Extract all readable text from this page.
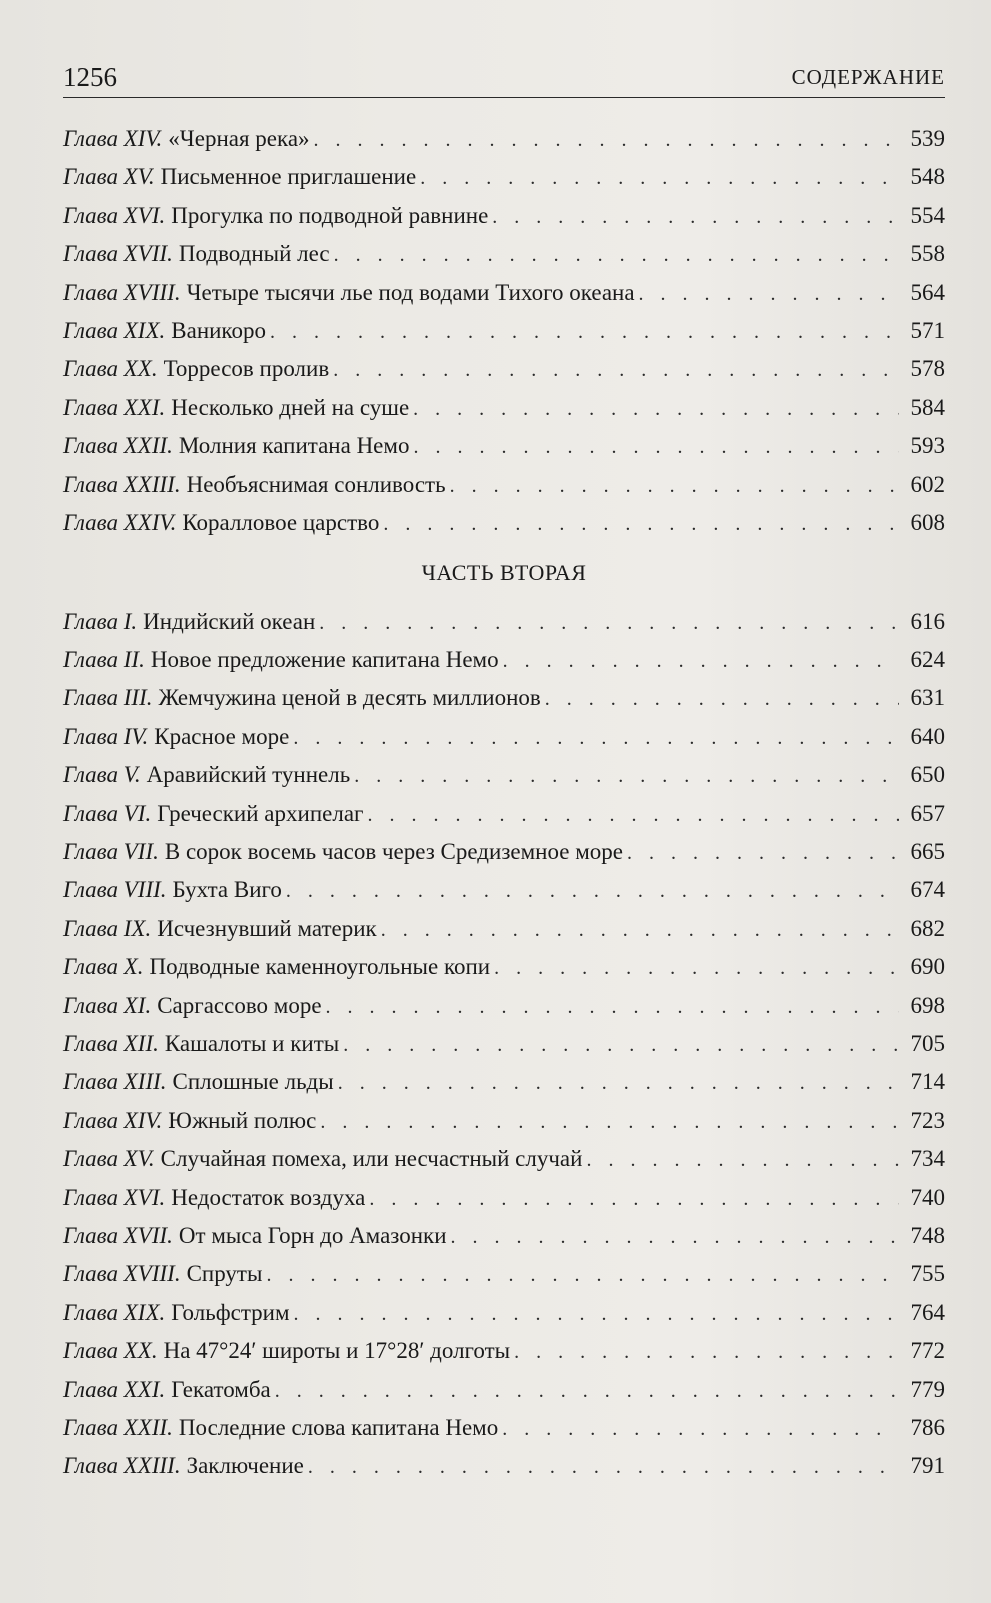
1256	СОДЕРЖАНИЕ
Глава XIV. «Черная река» . . .	539
Глава XV. Письменное приглашение . . .	548
Глава XVI. Прогулка по подводной равнине . . .	554
Глава XVII. Подводный лес . . .	558
Глава XVIII. Четыре тысячи лье под водами Тихого океана . . .	564
Глава XIX. Ваникоро . . .	571
Глава XX. Торресов пролив . . .	578
Глава XXI. Несколько дней на суше . . .	584
Глава XXII. Молния капитана Немо . . .	593
Глава XXIII. Необъяснимая сонливость . . .	602
Глава XXIV. Коралловое царство . . .	608
ЧАСТЬ ВТОРАЯ
Глава I. Индийский океан . . .	616
Глава II. Новое предложение капитана Немо . . .	624
Глава III. Жемчужина ценой в десять миллионов . . .	631
Глава IV. Красное море . . .	640
Глава V. Аравийский туннель . . .	650
Глава VI. Греческий архипелаг . . .	657
Глава VII. В сорок восемь часов через Средиземное море . . .	665
Глава VIII. Бухта Виго . . .	674
Глава IX. Исчезнувший материк . . .	682
Глава X. Подводные каменноугольные копи . . .	690
Глава XI. Саргассово море . . .	698
Глава XII. Кашалоты и киты . . .	705
Глава XIII. Сплошные льды . . .	714
Глава XIV. Южный полюс . . .	723
Глава XV. Случайная помеха, или несчастный случай . . .	734
Глава XVI. Недостаток воздуха . . .	740
Глава XVII. От мыса Горн до Амазонки . . .	748
Глава XVIII. Спруты . . .	755
Глава XIX. Гольфстрим . . .	764
Глава XX. На 47°24′ широты и 17°28′ долготы . . .	772
Глава XXI. Гекатомба . . .	779
Глава XXII. Последние слова капитана Немо . . .	786
Глава XXIII. Заключение . . .	791
